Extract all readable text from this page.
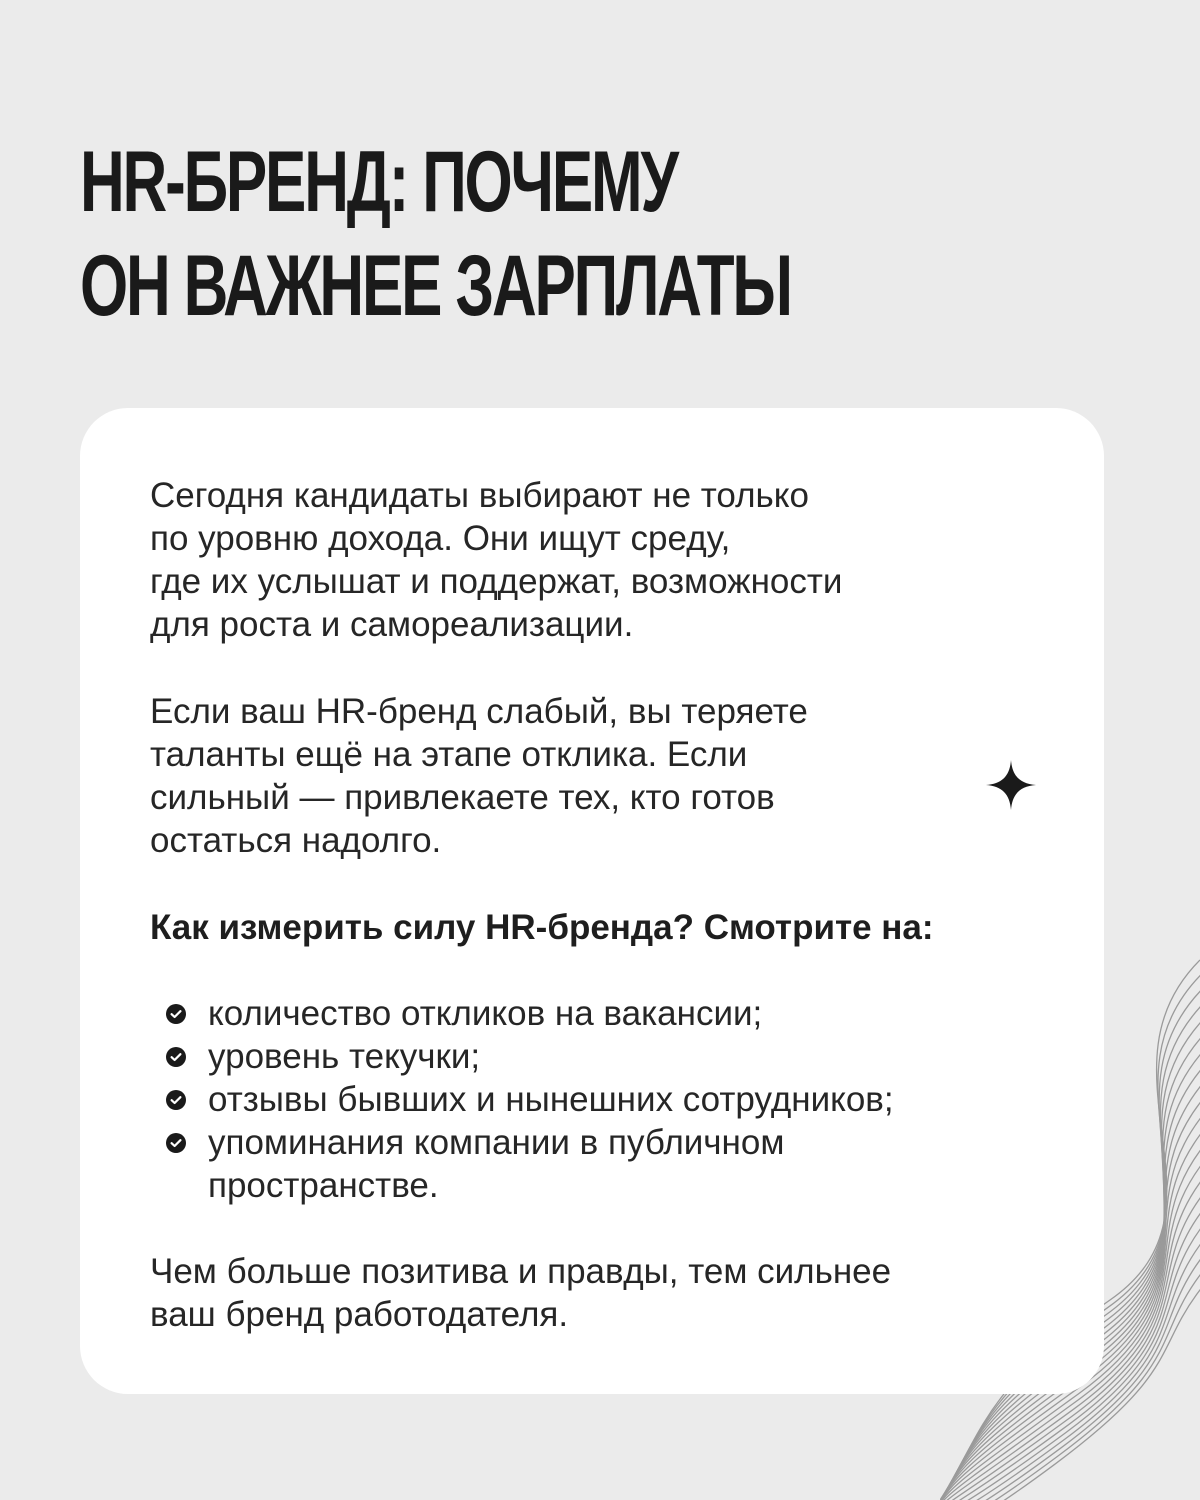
HR-БРЕНД: ПОЧЕМУ
ОН ВАЖНЕЕ ЗАРПЛАТЫ

Сегодня кандидаты выбирают не только
по уровню дохода. Они ищут среду,
где их услышат и поддержат, возможности
для роста и самореализации.

Если ваш HR-бренд слабый, вы теряете
таланты ещё на этапе отклика. Если
сильный — привлекаете тех, кто готов
остаться надолго.

Как измерить силу HR-бренда? Смотрите на:

количество откликов на вакансии;
уровень текучки;
отзывы бывших и нынешних сотрудников;
упоминания компании в публичном
пространстве.

Чем больше позитива и правды, тем сильнее
ваш бренд работодателя.
